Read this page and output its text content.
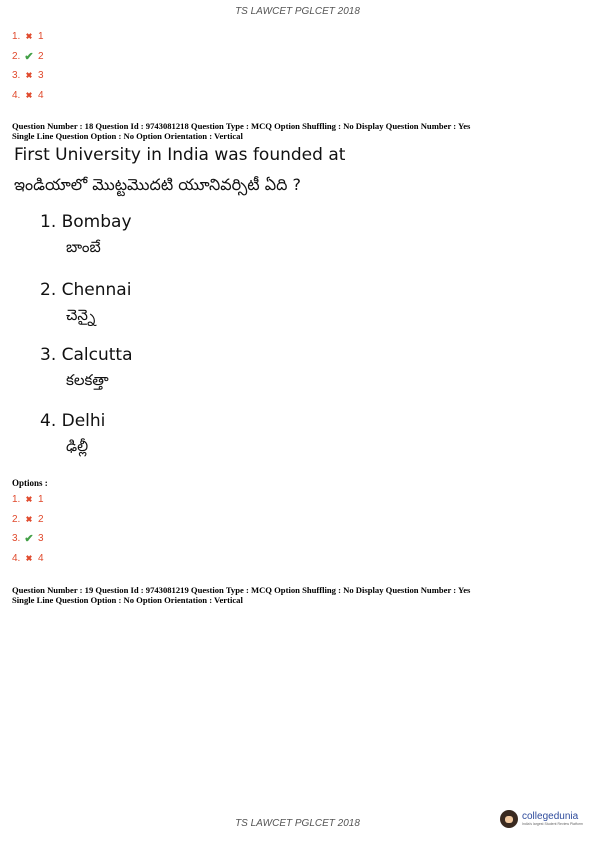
TS LAWCET PGLCET 2018
1. ✖ 1
2. ✔ 2
3. ✖ 3
4. ✖ 4
Question Number : 18 Question Id : 9743081218 Question Type : MCQ Option Shuffling : No Display Question Number : Yes
Single Line Question Option : No Option Orientation : Vertical
First University in India was founded at
ఇండియాలో మొట్టమొదటి యూనివర్సిటీ ఏది ?
1. Bombay
బాంబే
2. Chennai
చెన్నై
3. Calcutta
కలకత్తా
4. Delhi
ఢిల్లీ
Options :
1. ✖ 1
2. ✖ 2
3. ✔ 3
4. ✖ 4
Question Number : 19 Question Id : 9743081219 Question Type : MCQ Option Shuffling : No Display Question Number : Yes
Single Line Question Option : No Option Orientation : Vertical
TS LAWCET PGLCET 2018
collegedunia
India's largest Student Review Platform
